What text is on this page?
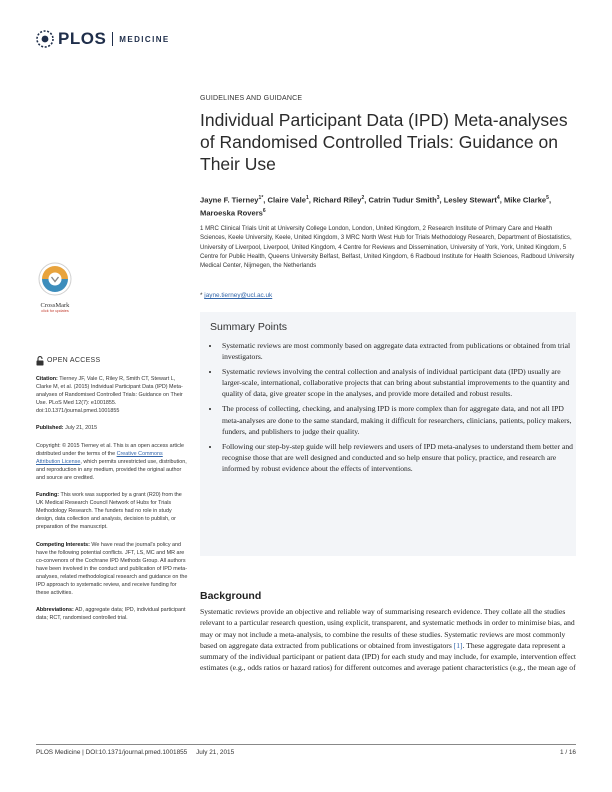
PLOS MEDICINE
CrossMark
click for updates
OPEN ACCESS

Citation: Tierney JF, Vale C, Riley R, Smith CT, Stewart L, Clarke M, et al. (2015) Individual Participant Data (IPD) Meta-analyses of Randomised Controlled Trials: Guidance on Their Use. PLoS Med 12(7): e1001855. doi:10.1371/journal.pmed.1001855

Published: July 21, 2015

Copyright: © 2015 Tierney et al. This is an open access article distributed under the terms of the Creative Commons Attribution License, which permits unrestricted use, distribution, and reproduction in any medium, provided the original author and source are credited.

Funding: This work was supported by a grant (R20) from the UK Medical Research Council Network of Hubs for Trials Methodology Research. The funders had no role in study design, data collection and analysis, decision to publish, or preparation of the manuscript.

Competing Interests: We have read the journal's policy and have the following potential conflicts. JFT, LS, MC and MR are co-convenors of the Cochrane IPD Methods Group. All authors have been involved in the conduct and publication of IPD meta-analyses, related methodological research and guidance on the IPD approach to systematic review, and receive funding for these activities.

Abbreviations: AD, aggregate data; IPD, individual participant data; RCT, randomised controlled trial.

GUIDELINES AND GUIDANCE
Individual Participant Data (IPD) Meta-analyses of Randomised Controlled Trials: Guidance on Their Use
Jayne F. Tierney$^{1*}$, Claire Vale$^1$, Richard Riley$^2$, Catrin Tudur Smith$^3$, Lesley Stewart$^4$, Mike Clarke$^5$, Maroeska Rovers$^6$
1 MRC Clinical Trials Unit at University College London, London, United Kingdom, 2 Research Institute of Primary Care and Health Sciences, Keele University, Keele, United Kingdom, 3 MRC North West Hub for Trials Methodology Research, Department of Biostatistics, University of Liverpool, Liverpool, United Kingdom, 4 Centre for Reviews and Dissemination, University of York, York, United Kingdom, 5 Centre for Public Health, Queens University Belfast, Belfast, United Kingdom, 6 Radboud Institute for Health Sciences, Radboud University Medical Center, Nijmegen, the Netherlands
* jayne.tierney@ucl.ac.uk
Summary Points
• Systematic reviews are most commonly based on aggregate data extracted from publications or obtained from trial investigators.
• Systematic reviews involving the central collection and analysis of individual participant data (IPD) usually are larger-scale, international, collaborative projects that can bring about substantial improvements to the quantity and quality of data, give greater scope in the analyses, and provide more detailed and robust results.
• The process of collecting, checking, and analysing IPD is more complex than for aggregate data, and not all IPD meta-analyses are done to the same standard, making it difficult for researchers, clinicians, patients, policy makers, funders, and publishers to judge their quality.
• Following our step-by-step guide will help reviewers and users of IPD meta-analyses to understand them better and recognise those that are well designed and conducted and so help ensure that policy, practice, and research are informed by robust evidence about the effects of interventions.
Background

Systematic reviews provide an objective and reliable way of summarising research evidence. They collate all the studies relevant to a particular research question, using explicit, transparent, and systematic methods in order to minimise bias, and may or may not include a meta-analysis, to combine the results of these studies. Systematic reviews are most commonly based on aggregate data extracted from publications or obtained from investigators [1]. These aggregate data represent a summary of the individual participant or patient data (IPD) for each study and may include, for example, intervention effect estimates (e.g., odds ratios or hazard ratios) for different outcomes and average patient characteristics (e.g., the mean age of

PLOS Medicine | DOI:10.1371/journal.pmed.1001855     July 21, 2015	1 / 16
